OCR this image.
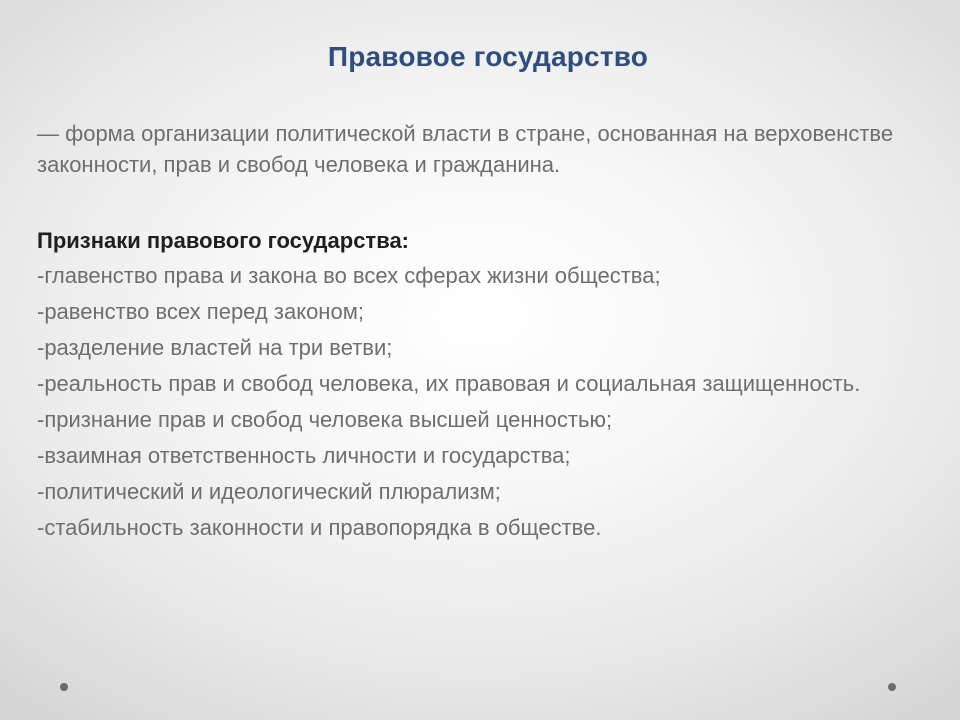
Правовое государство

— форма организации политической власти в стране, основанная на верховенстве законности, прав и свобод человека и гражданина.

Признаки правового государства:

-главенство права и закона во всех сферах жизни общества;
-равенство всех перед законом;
-разделение властей на три ветви;
-реальность прав и свобод человека, их правовая и социальная защищенность.
-признание прав и свобод человека высшей ценностью;
-взаимная ответственность личности и государства;
-политический и идеологический плюрализм;
-стабильность законности и правопорядка в обществе.
